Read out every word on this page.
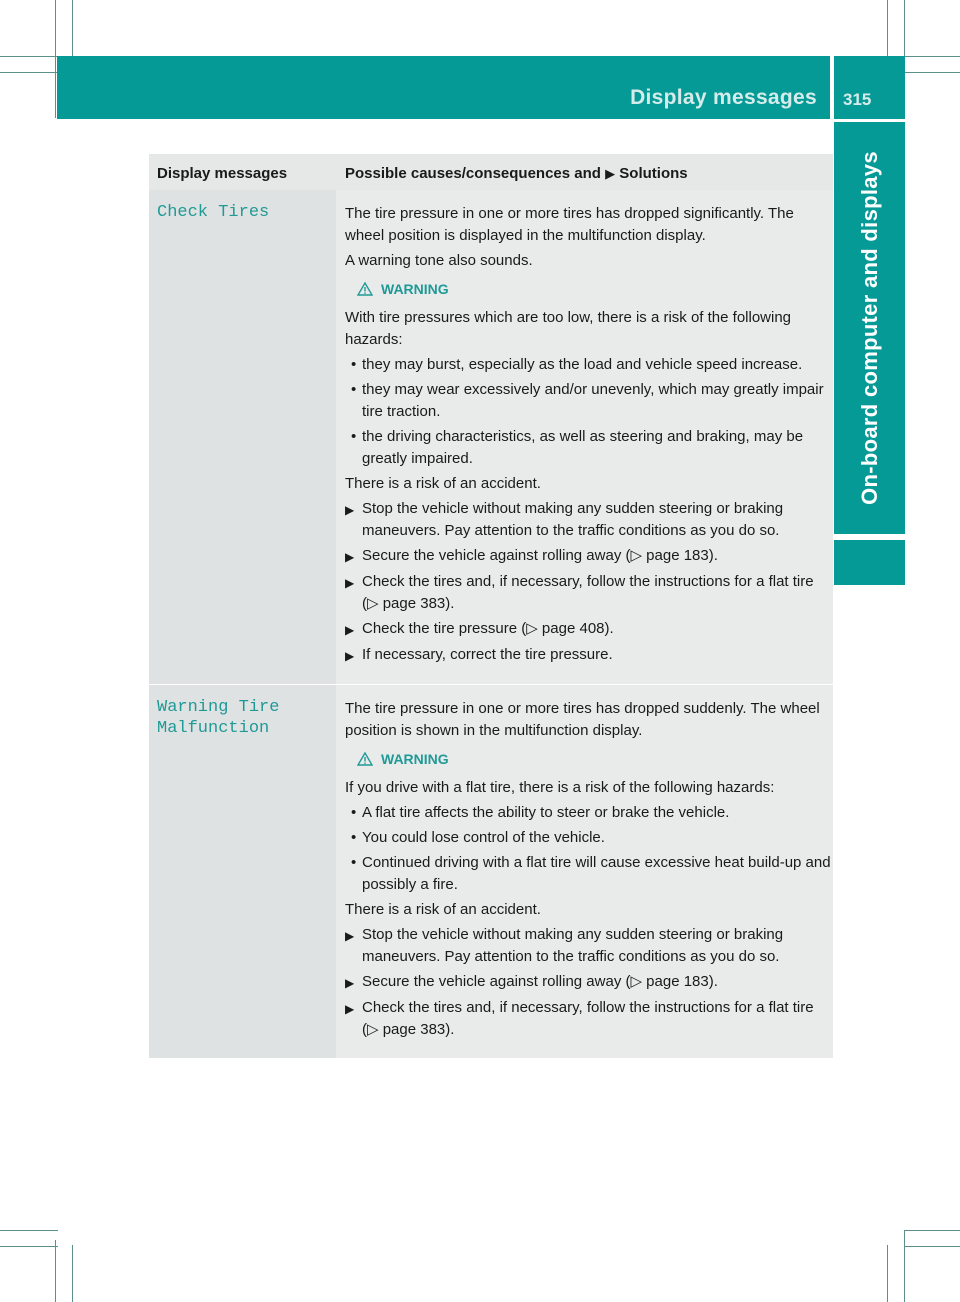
Display messages 315
On-board computer and displays
Display messages	Possible causes/consequences and ▶ Solutions
Check Tires	The tire pressure in one or more tires has dropped significantly. The wheel position is displayed in the multifunction display.

A warning tone also sounds.

WARNING

With tire pressures which are too low, there is a risk of the following hazards:

• they may burst, especially as the load and vehicle speed increase.
• they may wear excessively and/or unevenly, which may greatly impair tire traction.
• the driving characteristics, as well as steering and braking, may be greatly impaired.

There is a risk of an accident.

▶ Stop the vehicle without making any sudden steering or braking maneuvers. Pay attention to the traffic conditions as you do so.
▶ Secure the vehicle against rolling away (▷ page 183).
▶ Check the tires and, if necessary, follow the instructions for a flat tire (▷ page 383).
▶ Check the tire pressure (▷ page 408).
▶ If necessary, correct the tire pressure.
Warning Tire
Malfunction

The tire pressure in one or more tires has dropped suddenly. The wheel position is shown in the multifunction display.

WARNING

If you drive with a flat tire, there is a risk of the following hazards:

• A flat tire affects the ability to steer or brake the vehicle.
• You could lose control of the vehicle.
• Continued driving with a flat tire will cause excessive heat build-up and possibly a fire.

There is a risk of an accident.

▶ Stop the vehicle without making any sudden steering or braking maneuvers. Pay attention to the traffic conditions as you do so.
▶ Secure the vehicle against rolling away (▷ page 183).
▶ Check the tires and, if necessary, follow the instructions for a flat tire (▷ page 383).
